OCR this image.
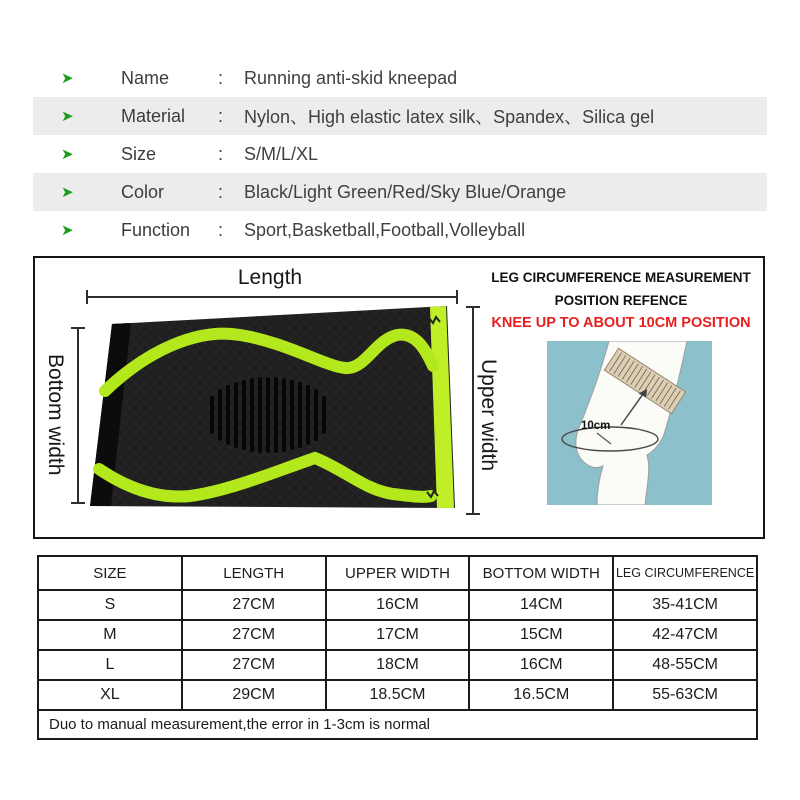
➤	Name	:	Running anti-skid kneepad
➤	Material	:	Nylon、High elastic latex silk、Spandex、Silica gel
➤	Size	:	S/M/L/XL
➤	Color	:	Black/Light Green/Red/Sky Blue/Orange
➤	Function	:	Sport,Basketball,Football,Volleyball
Length
Bottom width	Upper width
LEG CIRCUMFERENCE MEASUREMENT
POSITION REFENCE
KNEE UP TO ABOUT 10CM POSITION
10cm
SIZE	LENGTH	UPPER WIDTH	BOTTOM WIDTH	LEG CIRCUMFERENCE
S	27CM	16CM	14CM	35-41CM
M	27CM	17CM	15CM	42-47CM
L	27CM	18CM	16CM	48-55CM
XL	29CM	18.5CM	16.5CM	55-63CM
Duo to manual measurement,the error in 1-3cm is normal				
